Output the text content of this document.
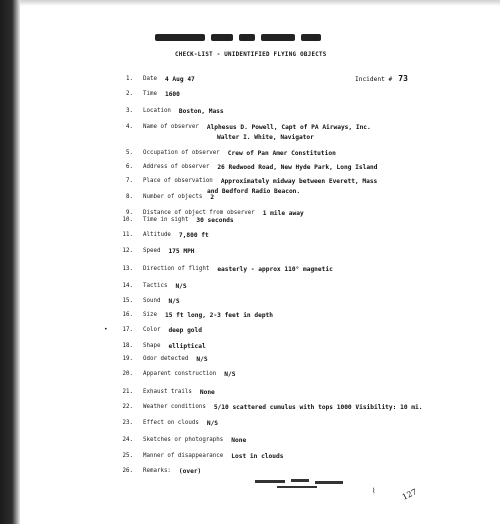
CHECK-LIST - UNIDENTIFIED FLYING OBJECTS
Incident # 73
1. Date 4 Aug 47
2. Time 1600
3. Location Boston, Mass
4. Name of observer Alphesus D. Powell, Capt of PA Airways, Inc.
Walter I. White, Navigator
5. Occupation of observer Crew of Pan Amer Constitution
6. Address of observer 26 Redwood Road, New Hyde Park, Long Island
7. Place of observation Approximately midway between Everett, Mass
and Bedford Radio Beacon.
8. Number of objects 2
9. Distance of object from observer 1 mile away
10. Time in sight 30 seconds
11. Altitude 7,800 ft
12. Speed 175 MPH
13. Direction of flight easterly - approx 110° magnetic
14. Tactics N/S
15. Sound N/S
16. Size 15 ft long, 2-3 feet in depth
17. Color deep gold
18. Shape elliptical
19. Odor detected N/S
20. Apparent construction N/S
21. Exhaust trails None
22. Weather conditions 5/10 scattered cumulus with tops 1000 Visibility: 10 mi.
23. Effect on clouds N/S
24. Sketches or photographs None
25. Manner of disappearance Lost in clouds
26. Remarks: (over)
•
⌇	127
